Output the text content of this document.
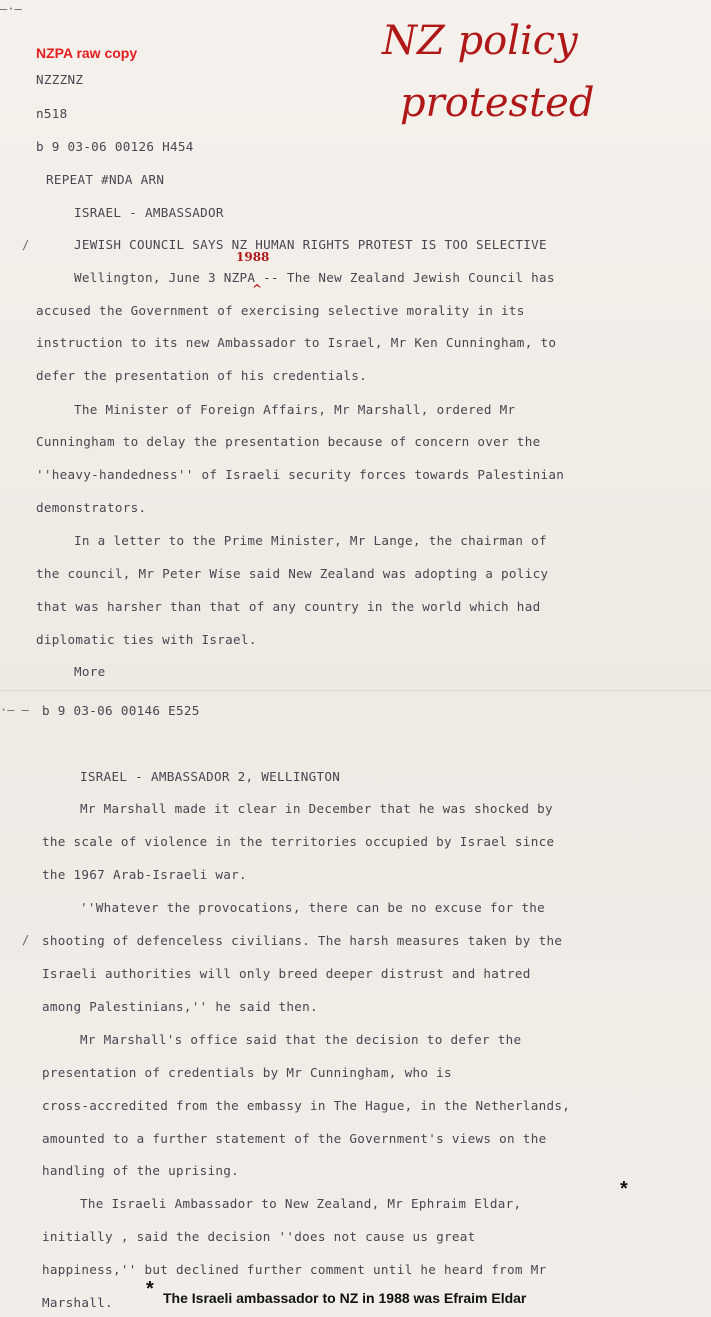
NZPA raw copy	NZ policy
protested
–·–
/
NZZZNZ
n518
b 9 03-06 00126 H454
REPEAT #NDA ARN
ISRAEL - AMBASSADOR
JEWISH COUNCIL SAYS NZ HUMAN RIGHTS PROTEST IS TOO SELECTIVE
1988
^
Wellington, June 3 NZPA -- The New Zealand Jewish Council has
accused the Government of exercising selective morality in its
instruction to its new Ambassador to Israel, Mr Ken Cunningham, to
defer the presentation of his credentials.
The Minister of Foreign Affairs, Mr Marshall, ordered Mr
Cunningham to delay the presentation because of concern over the
''heavy-handedness'' of Israeli security forces towards Palestinian
demonstrators.
In a letter to the Prime Minister, Mr Lange, the chairman of
the council, Mr Peter Wise said New Zealand was adopting a policy
that was harsher than that of any country in the world which had
diplomatic ties with Israel.
More
·– –
/
b 9 03-06 00146 E525
ISRAEL - AMBASSADOR 2, WELLINGTON
Mr Marshall made it clear in December that he was shocked by
the scale of violence in the territories occupied by Israel since
the 1967 Arab-Israeli war.
''Whatever the provocations, there can be no excuse for the
shooting of defenceless civilians. The harsh measures taken by the
Israeli authorities will only breed deeper distrust and hatred
among Palestinians,'' he said then.
Mr Marshall's office said that the decision to defer the
presentation of credentials by Mr Cunningham, who is
cross-accredited from the embassy in The Hague, in the Netherlands,
amounted to a further statement of the Government's views on the
handling of the uprising.
The Israeli Ambassador to New Zealand, Mr Ephraim Eldar,
initially , said the decision ''does not cause us great
happiness,'' but declined further comment until he heard from Mr
Marshall.
*
* The Israeli ambassador to NZ in 1988 was Efraim Eldar
